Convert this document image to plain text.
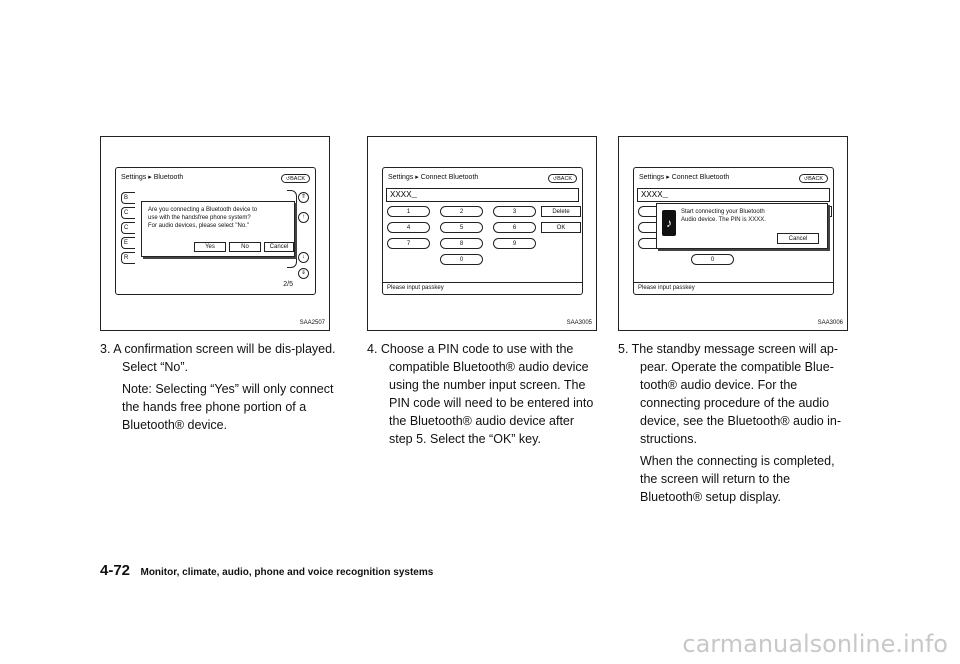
Settings ▸ Bluetooth	↺BACK
B
C
C
E
R
⇑
↑
↓
⇓
2/5
Are you connecting a Bluetooth device to
use with the handsfree phone system?
For audio devices, please select "No."
Yes	No	Cancel
SAA2507
Settings ▸ Connect Bluetooth	↺BACK
XXXX_
1	2	3	Delete
4	5	6	OK
7	8	9
0
Please input passkey
SAA3005
Settings ▸ Connect Bluetooth	↺BACK
XXXX_
0
Please input passkey
♪
Start connecting your Bluetooth
Audio device. The PIN is XXXX.
Cancel
SAA3006

3. A confirmation screen will be dis-played. Select “No”.

Note: Selecting “Yes” will only connect the hands free phone portion of a Bluetooth® device.

4. Choose a PIN code to use with the compatible Bluetooth® audio device using the number input screen. The PIN code will need to be entered into the Bluetooth® audio device after step 5. Select the “OK” key.

5. The standby message screen will ap-pear. Operate the compatible Blue-tooth® audio device. For the connecting procedure of the audio device, see the Bluetooth® audio in-structions.

When the connecting is completed, the screen will return to the Bluetooth® setup display.

4-72 Monitor, climate, audio, phone and voice recognition systems
carmanualsonline.info
